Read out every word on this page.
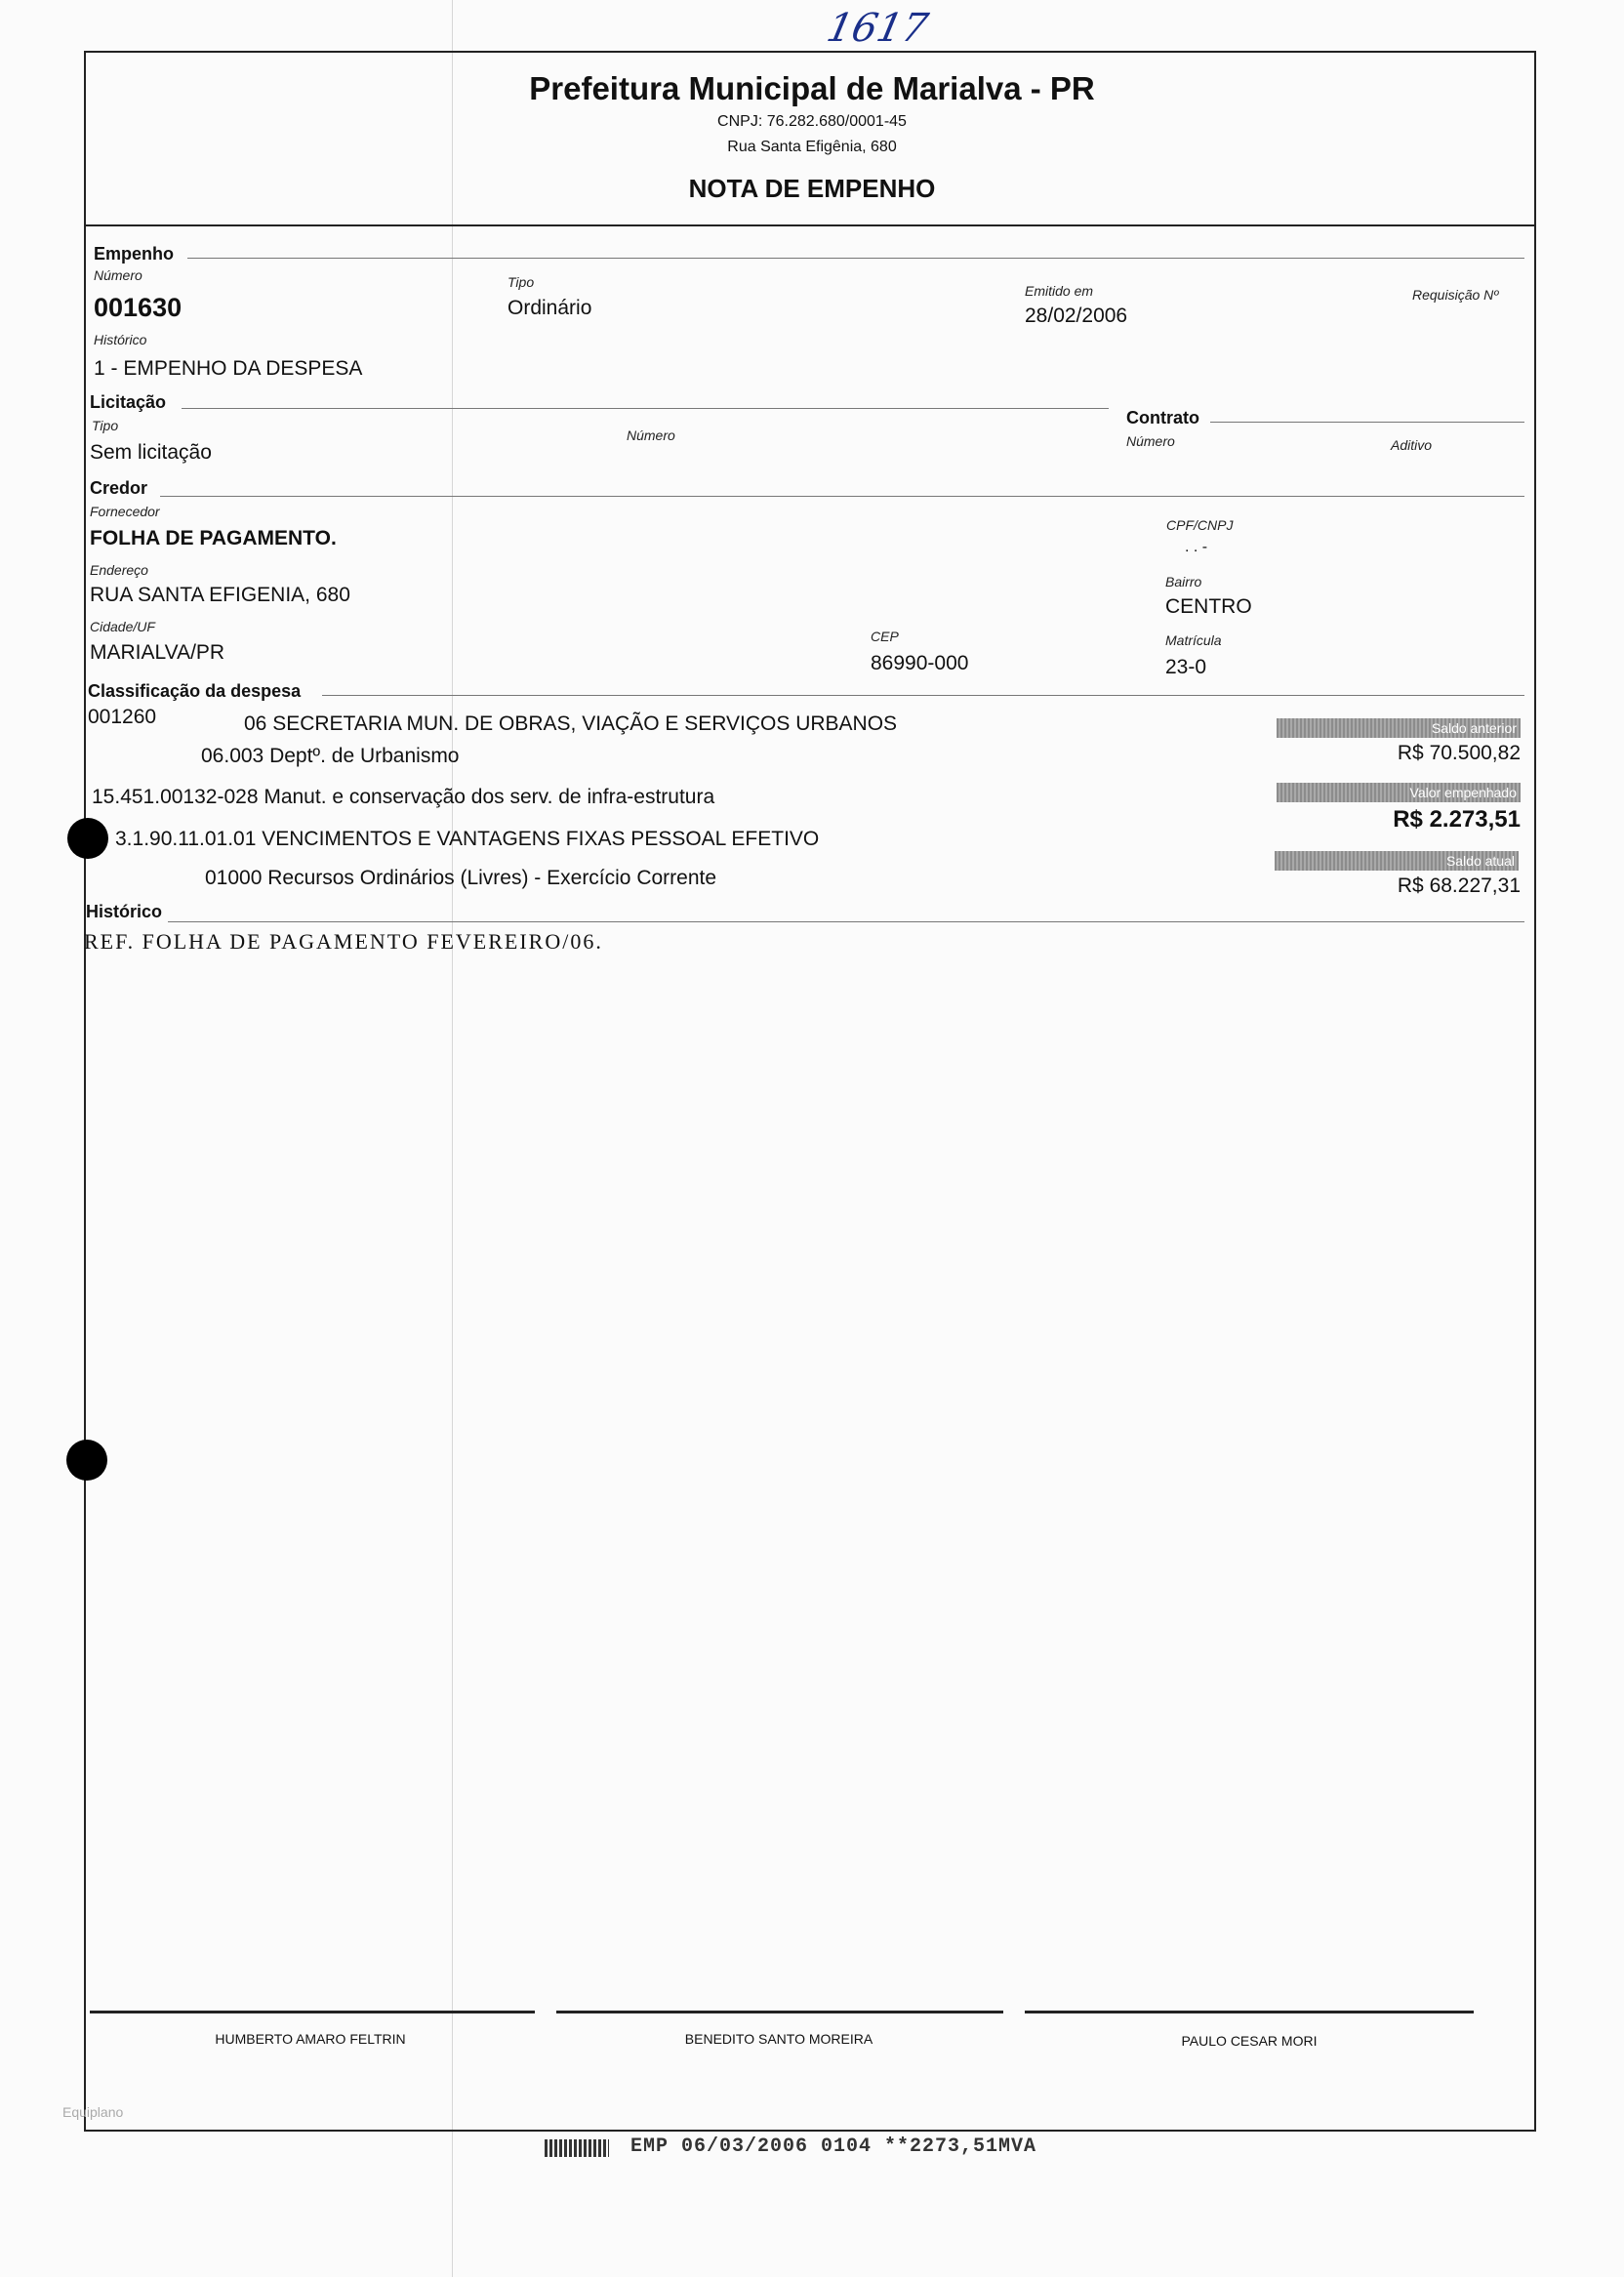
1617
Prefeitura Municipal de Marialva - PR
CNPJ: 76.282.680/0001-45
Rua Santa Efigênia, 680
NOTA DE EMPENHO
Empenho
Número
001630
Tipo
Ordinário
Emitido em
28/02/2006
Requisição Nº
Histórico
1 - EMPENHO DA DESPESA
Licitação
Tipo
Sem licitação
Número
Contrato
Número	Aditivo
Credor
Fornecedor
FOLHA DE PAGAMENTO.
CPF/CNPJ
. . -
Endereço
RUA SANTA EFIGENIA, 680
Bairro
CENTRO
Cidade/UF
MARIALVA/PR
CEP
86990-000
Matrícula
23-0
Classificação da despesa
001260	06 SECRETARIA MUN. DE OBRAS, VIAÇÃO E SERVIÇOS URBANOS
06.003 Deptº. de Urbanismo
15.451.00132-028 Manut. e conservação dos serv. de infra-estrutura
3.1.90.11.01.01 VENCIMENTOS E VANTAGENS FIXAS PESSOAL EFETIVO
01000 Recursos Ordinários (Livres) - Exercício Corrente
Saldo anterior
R$ 70.500,82
Valor empenhado
R$ 2.273,51
Saldo atual
R$ 68.227,31
Histórico
REF. FOLHA DE PAGAMENTO FEVEREIRO/06.
HUMBERTO AMARO FELTRIN	BENEDITO SANTO MOREIRA	PAULO CESAR MORI
Equiplano
EMP 06/03/2006 0104 **2273,51MVA
